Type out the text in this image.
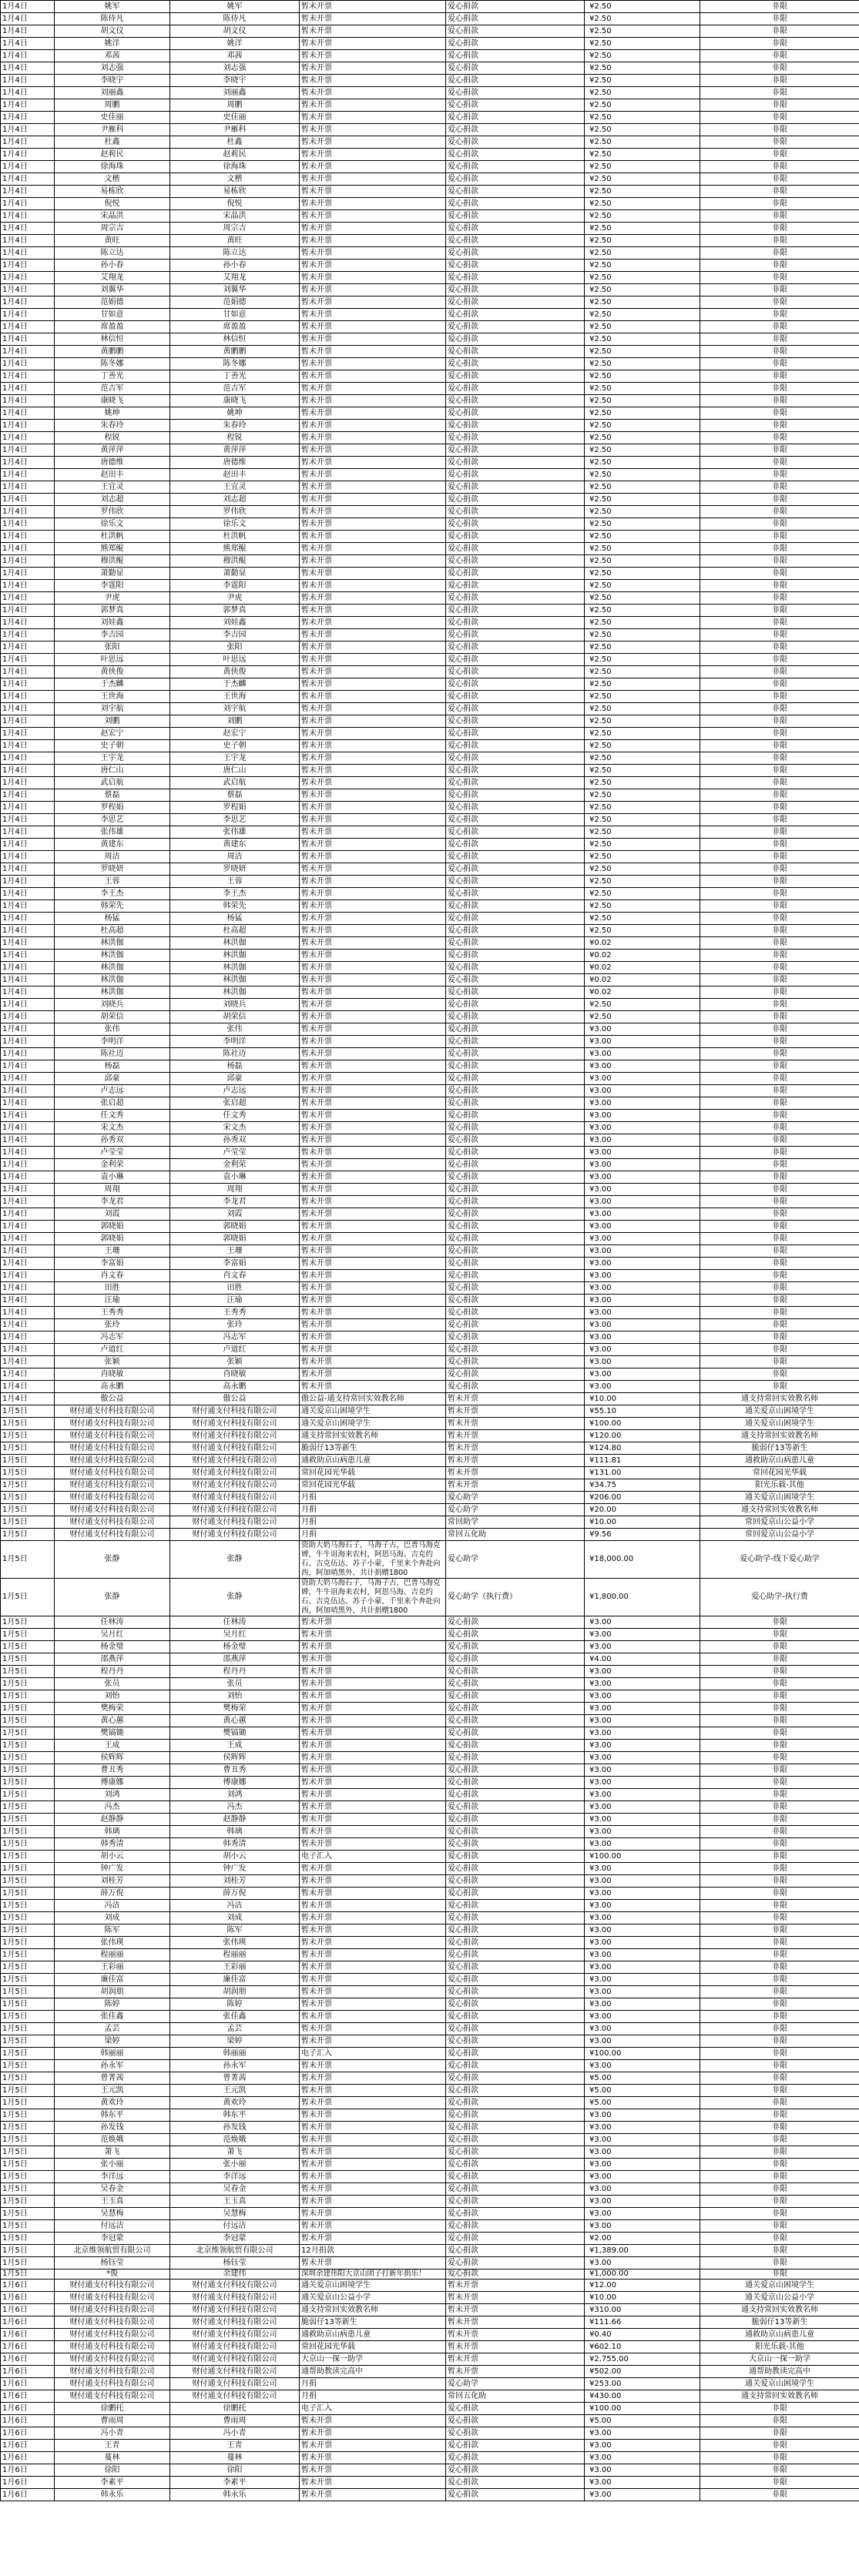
1月4日	姚军	姚军	暂未开票	爱心捐款	¥2.50	非限
1月4日	陈侍凡	陈侍凡	暂未开票	爱心捐款	¥2.50	非限
1月4日	胡文仪	胡文仪	暂未开票	爱心捐款	¥2.50	非限
1月4日	姚洋	姚洋	暂未开票	爱心捐款	¥2.50	非限
1月4日	邓茜	邓茜	暂未开票	爱心捐款	¥2.50	非限
1月4日	刘志强	刘志强	暂未开票	爱心捐款	¥2.50	非限
1月4日	李晓宇	李晓宇	暂未开票	爱心捐款	¥2.50	非限
1月4日	刘丽鑫	刘丽鑫	暂未开票	爱心捐款	¥2.50	非限
1月4日	周鹏	周鹏	暂未开票	爱心捐款	¥2.50	非限
1月4日	史佳丽	史佳丽	暂未开票	爱心捐款	¥2.50	非限
1月4日	尹雁科	尹雁科	暂未开票	爱心捐款	¥2.50	非限
1月4日	杜鑫	杜鑫	暂未开票	爱心捐款	¥2.50	非限
1月4日	赵莉民	赵莉民	暂未开票	爱心捐款	¥2.50	非限
1月4日	徐海珠	徐海珠	暂未开票	爱心捐款	¥2.50	非限
1月4日	文楷	文楷	暂未开票	爱心捐款	¥2.50	非限
1月4日	易栋欣	易栋欣	暂未开票	爱心捐款	¥2.50	非限
1月4日	倪悦	倪悦	暂未开票	爱心捐款	¥2.50	非限
1月4日	宋晶洪	宋晶洪	暂未开票	爱心捐款	¥2.50	非限
1月4日	周宗吉	周宗吉	暂未开票	爱心捐款	¥2.50	非限
1月4日	黄旺	黄旺	暂未开票	爱心捐款	¥2.50	非限
1月4日	陈立达	陈立达	暂未开票	爱心捐款	¥2.50	非限
1月4日	孙小春	孙小春	暂未开票	爱心捐款	¥2.50	非限
1月4日	艾翔龙	艾翔龙	暂未开票	爱心捐款	¥2.50	非限
1月4日	刘翼华	刘翼华	暂未开票	爱心捐款	¥2.50	非限
1月4日	范娟德	范娟德	暂未开票	爱心捐款	¥2.50	非限
1月4日	甘如意	甘如意	暂未开票	爱心捐款	¥2.50	非限
1月4日	席盈盈	席盈盈	暂未开票	爱心捐款	¥2.50	非限
1月4日	林信恒	林信恒	暂未开票	爱心捐款	¥2.50	非限
1月4日	黄鹏鹏	黄鹏鹏	暂未开票	爱心捐款	¥2.50	非限
1月4日	陈冬娜	陈冬娜	暂未开票	爱心捐款	¥2.50	非限
1月4日	丁善光	丁善光	暂未开票	爱心捐款	¥2.50	非限
1月4日	范吉军	范吉军	暂未开票	爱心捐款	¥2.50	非限
1月4日	康晓飞	康晓飞	暂未开票	爱心捐款	¥2.50	非限
1月4日	姚坤	姚坤	暂未开票	爱心捐款	¥2.50	非限
1月4日	朱春玲	朱春玲	暂未开票	爱心捐款	¥2.50	非限
1月4日	程锐	程锐	暂未开票	爱心捐款	¥2.50	非限
1月4日	黄萍萍	黄萍萍	暂未开票	爱心捐款	¥2.50	非限
1月4日	唐德维	唐德维	暂未开票	爱心捐款	¥2.50	非限
1月4日	赵田丰	赵田丰	暂未开票	爱心捐款	¥2.50	非限
1月4日	王宜灵	王宜灵	暂未开票	爱心捐款	¥2.50	非限
1月4日	刘志超	刘志超	暂未开票	爱心捐款	¥2.50	非限
1月4日	罗伟欣	罗伟欣	暂未开票	爱心捐款	¥2.50	非限
1月4日	徐乐文	徐乐文	暂未开票	爱心捐款	¥2.50	非限
1月4日	杜洪帆	杜洪帆	暂未开票	爱心捐款	¥2.50	非限
1月4日	熊郑鲲	熊郑鲲	暂未开票	爱心捐款	¥2.50	非限
1月4日	穆洪鲲	穆洪鲲	暂未开票	爱心捐款	¥2.50	非限
1月4日	萧勤显	萧勤显	暂未开票	爱心捐款	¥2.50	非限
1月4日	李霆阳	李霆阳	暂未开票	爱心捐款	¥2.50	非限
1月4日	尹虎	尹虎	暂未开票	爱心捐款	¥2.50	非限
1月4日	郭梦真	郭梦真	暂未开票	爱心捐款	¥2.50	非限
1月4日	刘娃鑫	刘娃鑫	暂未开票	爱心捐款	¥2.50	非限
1月4日	李吉园	李吉园	暂未开票	爱心捐款	¥2.50	非限
1月4日	张阳	张阳	暂未开票	爱心捐款	¥2.50	非限
1月4日	叶思远	叶思远	暂未开票	爱心捐款	¥2.50	非限
1月4日	黄侠俊	黄侠俊	暂未开票	爱心捐款	¥2.50	非限
1月4日	于杰麟	于杰麟	暂未开票	爱心捐款	¥2.50	非限
1月4日	王世海	王世海	暂未开票	爱心捐款	¥2.50	非限
1月4日	刘宇航	刘宇航	暂未开票	爱心捐款	¥2.50	非限
1月4日	刘鹏	刘鹏	暂未开票	爱心捐款	¥2.50	非限
1月4日	赵宏宁	赵宏宁	暂未开票	爱心捐款	¥2.50	非限
1月4日	史子朝	史子朝	暂未开票	爱心捐款	¥2.50	非限
1月4日	王宇龙	王宇龙	暂未开票	爱心捐款	¥2.50	非限
1月4日	唐仁山	唐仁山	暂未开票	爱心捐款	¥2.50	非限
1月4日	武启航	武启航	暂未开票	爱心捐款	¥2.50	非限
1月4日	蔡磊	蔡磊	暂未开票	爱心捐款	¥2.50	非限
1月4日	罗程娟	罗程娟	暂未开票	爱心捐款	¥2.50	非限
1月4日	李思艺	李思艺	暂未开票	爱心捐款	¥2.50	非限
1月4日	张伟雄	张伟雄	暂未开票	爱心捐款	¥2.50	非限
1月4日	黄建东	黄建东	暂未开票	爱心捐款	¥2.50	非限
1月4日	周洁	周洁	暂未开票	爱心捐款	¥2.50	非限
1月4日	罗晓妍	罗晓妍	暂未开票	爱心捐款	¥2.50	非限
1月4日	王蓉	王蓉	暂未开票	爱心捐款	¥2.50	非限
1月4日	李王杰	李王杰	暂未开票	爱心捐款	¥2.50	非限
1月4日	韩荣先	韩荣先	暂未开票	爱心捐款	¥2.50	非限
1月4日	杨猛	杨猛	暂未开票	爱心捐款	¥2.50	非限
1月4日	杜高超	杜高超	暂未开票	爱心捐款	¥2.50	非限
1月4日	林洪伽	林洪伽	暂未开票	爱心捐款	¥0.02	非限
1月4日	林洪伽	林洪伽	暂未开票	爱心捐款	¥0.02	非限
1月4日	林洪伽	林洪伽	暂未开票	爱心捐款	¥0.02	非限
1月4日	林洪伽	林洪伽	暂未开票	爱心捐款	¥0.02	非限
1月4日	林洪伽	林洪伽	暂未开票	爱心捐款	¥0.02	非限
1月4日	刘晓兵	刘晓兵	暂未开票	爱心捐款	¥2.50	非限
1月4日	胡荣信	胡荣信	暂未开票	爱心捐款	¥2.50	非限
1月4日	张伟	张伟	暂未开票	爱心捐款	¥3.00	非限
1月4日	李明洋	李明洋	暂未开票	爱心捐款	¥3.00	非限
1月4日	陈社迈	陈社迈	暂未开票	爱心捐款	¥3.00	非限
1月4日	杨磊	杨磊	暂未开票	爱心捐款	¥3.00	非限
1月4日	邱豪	邱豪	暂未开票	爱心捐款	¥3.00	非限
1月4日	卢志远	卢志远	暂未开票	爱心捐款	¥3.00	非限
1月4日	张启超	张启超	暂未开票	爱心捐款	¥3.00	非限
1月4日	任文秀	任文秀	暂未开票	爱心捐款	¥3.00	非限
1月4日	宋文杰	宋文杰	暂未开票	爱心捐款	¥3.00	非限
1月4日	孙秀双	孙秀双	暂未开票	爱心捐款	¥3.00	非限
1月4日	卢莹莹	卢莹莹	暂未开票	爱心捐款	¥3.00	非限
1月4日	金利荣	金利荣	暂未开票	爱心捐款	¥3.00	非限
1月4日	袁小琳	袁小琳	暂未开票	爱心捐款	¥3.00	非限
1月4日	周翔	周翔	暂未开票	爱心捐款	¥3.00	非限
1月4日	李龙君	李龙君	暂未开票	爱心捐款	¥3.00	非限
1月4日	刘霞	刘霞	暂未开票	爱心捐款	¥3.00	非限
1月4日	郭晓娟	郭晓娟	暂未开票	爱心捐款	¥3.00	非限
1月4日	郭晓娟	郭晓娟	暂未开票	爱心捐款	¥3.00	非限
1月4日	王珊	王珊	暂未开票	爱心捐款	¥3.00	非限
1月4日	李富娟	李富娟	暂未开票	爱心捐款	¥3.00	非限
1月4日	肖文春	肖文春	暂未开票	爱心捐款	¥3.00	非限
1月4日	田胜	田胜	暂未开票	爱心捐款	¥3.00	非限
1月4日	汪瑜	汪瑜	暂未开票	爱心捐款	¥3.00	非限
1月4日	王秀秀	王秀秀	暂未开票	爱心捐款	¥3.00	非限
1月4日	张玲	张玲	暂未开票	爱心捐款	¥3.00	非限
1月4日	冯志军	冯志军	暂未开票	爱心捐款	¥3.00	非限
1月4日	卢道红	卢道红	暂未开票	爱心捐款	¥3.00	非限
1月4日	张颖	张颖	暂未开票	爱心捐款	¥3.00	非限
1月4日	肖晓敏	肖晓敏	暂未开票	爱心捐款	¥3.00	非限
1月4日	高永鹏	高永鹏	暂未开票	爱心捐款	¥3.00	非限
1月4日	傲公益	傲公益	傲公益-通支持常回实效教名师	暂未开票	¥10.00	通支持常回实效教名师
1月5日	财付通支付科技有限公司	财付通支付科技有限公司	通关爱京山困境学生	暂未开票	¥55.10	通关爱京山困境学生
1月5日	财付通支付科技有限公司	财付通支付科技有限公司	通关爱京山困境学生	暂未开票	¥100.00	通关爱京山困境学生
1月5日	财付通支付科技有限公司	财付通支付科技有限公司	通支持常回实效教名师	暂未开票	¥120.00	通支持常回实效教名师
1月5日	财付通支付科技有限公司	财付通支付科技有限公司	脆弱仔13等新生	暂未开票	¥124.80	脆弱仔13等新生
1月5日	财付通支付科技有限公司	财付通支付科技有限公司	通救助京山病患儿童	暂未开票	¥111.81	通救助京山病患儿童
1月5日	财付通支付科技有限公司	财付通支付科技有限公司	常回花园光华载	暂未开票	¥131.00	常回花园光华载
1月5日	财付通支付科技有限公司	财付通支付科技有限公司	常回花园光华载	暂未开票	¥34.75	阳光乐载-其他
1月5日	财付通支付科技有限公司	财付通支付科技有限公司	月捐	爱心助学	¥206.00	通关爱京山困境学生
1月5日	财付通支付科技有限公司	财付通支付科技有限公司	月捐	爱心助学	¥20.00	通支持常回实效教名师
1月5日	财付通支付科技有限公司	财付通支付科技有限公司	月捐	常回助学	¥10.00	常回爱京山公益小学
1月5日	财付通支付科技有限公司	财付通支付科技有限公司	月捐	常回五化助	¥9.56	常回爱京山公益小学
1月5日	张静	张静	资助大奶马海石子，马海子古，巴普马海克婢，牛牛诅海来农村，阿思马海、吉克约石、吉克伍达、苏子小蒙，千里来个奔赴向西，阿加哨黑外、共计捐赠1800	爱心助学	¥18,000.00	爱心助学-线下爱心助学
1月5日	张静	张静	资助大奶马海石子，马海子古，巴普马海克婢，牛牛诅海来农村，阿思马海、吉克约石、吉克伍达、苏子小蒙，千里来个奔赴向西，阿加哨黑外、共计捐赠1800	爱心助学（执行费）	¥1,800.00	爱心助学-执行费
1月5日	任林涛	任林涛	暂未开票	爱心捐款	¥3.00	非限
1月5日	吴月红	吴月红	暂未开票	爱心捐款	¥3.00	非限
1月5日	杨金璧	杨金璧	暂未开票	爱心捐款	¥3.00	非限
1月5日	邵燕萍	邵燕萍	暂未开票	爱心捐款	¥4.00	非限
1月5日	程丹丹	程丹丹	暂未开票	爱心捐款	¥3.00	非限
1月5日	张员	张员	暂未开票	爱心捐款	¥3.00	非限
1月5日	刘怡	刘怡	暂未开票	爱心捐款	¥3.00	非限
1月5日	樊梅荣	樊梅荣	暂未开票	爱心捐款	¥3.00	非限
1月5日	黄心蕙	黄心蕙	暂未开票	爱心捐款	¥3.00	非限
1月5日	樊镐锄	樊镐锄	暂未开票	爱心捐款	¥3.00	非限
1月5日	王成	王成	暂未开票	爱心捐款	¥3.00	非限
1月5日	侯辉辉	侯辉辉	暂未开票	爱心捐款	¥3.00	非限
1月5日	曹丑秀	曹丑秀	暂未开票	爱心捐款	¥3.00	非限
1月5日	傅康娜	傅康娜	暂未开票	爱心捐款	¥3.00	非限
1月5日	刘鸿	刘鸿	暂未开票	爱心捐款	¥3.00	非限
1月5日	冯杰	冯杰	暂未开票	爱心捐款	¥3.00	非限
1月5日	赵静静	赵静静	暂未开票	爱心捐款	¥3.00	非限
1月5日	韩璃	韩璃	暂未开票	爱心捐款	¥3.00	非限
1月5日	韩秀清	韩秀清	暂未开票	爱心捐款	¥3.00	非限
1月5日	胡小云	胡小云	电子汇入	爱心捐款	¥100.00	非限
1月5日	钟广发	钟广发	暂未开票	爱心捐款	¥3.00	非限
1月5日	刘桂芳	刘桂芳	暂未开票	爱心捐款	¥3.00	非限
1月5日	薛万倪	薛万倪	暂未开票	爱心捐款	¥3.00	非限
1月5日	冯洁	冯洁	暂未开票	爱心捐款	¥3.00	非限
1月5日	刘成	刘成	暂未开票	爱心捐款	¥3.00	非限
1月5日	陈军	陈军	暂未开票	爱心捐款	¥3.00	非限
1月5日	张伟瑛	张伟瑛	暂未开票	爱心捐款	¥3.00	非限
1月5日	程丽丽	程丽丽	暂未开票	爱心捐款	¥3.00	非限
1月5日	王彩丽	王彩丽	暂未开票	爱心捐款	¥3.00	非限
1月5日	廉佳富	廉佳富	暂未开票	爱心捐款	¥3.00	非限
1月5日	胡润朋	胡润朋	暂未开票	爱心捐款	¥3.00	非限
1月5日	陈婷	陈婷	暂未开票	爱心捐款	¥3.00	非限
1月5日	张佳鑫	张佳鑫	暂未开票	爱心捐款	¥3.00	非限
1月5日	孟芸	孟芸	暂未开票	爱心捐款	¥3.00	非限
1月5日	梁婷	梁婷	暂未开票	爱心捐款	¥3.00	非限
1月5日	韩丽丽	韩丽丽	电子汇入	爱心捐款	¥100.00	非限
1月5日	孙永军	孙永军	暂未开票	爱心捐款	¥3.00	非限
1月5日	曾菁茜	曾菁茜	暂未开票	爱心捐款	¥5.00	非限
1月5日	王元凯	王元凯	暂未开票	爱心捐款	¥5.00	非限
1月5日	黄欢玲	黄欢玲	暂未开票	爱心捐款	¥5.00	非限
1月5日	韩东平	韩东平	暂未开票	爱心捐款	¥3.00	非限
1月5日	孙发钱	孙发钱	暂未开票	爱心捐款	¥3.00	非限
1月5日	范焕娥	范焕娥	暂未开票	爱心捐款	¥3.00	非限
1月5日	萧飞	萧飞	暂未开票	爱心捐款	¥3.00	非限
1月5日	张小丽	张小丽	暂未开票	爱心捐款	¥3.00	非限
1月5日	李洋远	李洋远	暂未开票	爱心捐款	¥3.00	非限
1月5日	吴春金	吴春金	暂未开票	爱心捐款	¥3.00	非限
1月5日	王玉真	王玉真	暂未开票	爱心捐款	¥3.00	非限
1月5日	吴慧梅	吴慧梅	暂未开票	爱心捐款	¥3.00	非限
1月5日	付远洁	付远洁	暂未开票	爱心捐款	¥3.00	非限
1月5日	李冠蒙	李冠蒙	暂未开票	爱心捐款	¥2.00	非限
1月5日	北京维领航贸有限公司	北京维领航贸有限公司	12月捐款	爱心捐款	¥1,389.00	非限
1月5日	杨钰莹	杨钰莹	暂未开票	爱心捐款	¥3.00	非限
1月5日	*俊	余建伟	深圳余建伟阳大京山团子打新年捐乐！	爱心捐款	¥1,000.00	非限
1月6日	财付通支付科技有限公司	财付通支付科技有限公司	通关爱京山困境学生	暂未开票	¥12.00	通关爱京山困境学生
1月6日	财付通支付科技有限公司	财付通支付科技有限公司	通关爱京山公益小学	暂未开票	¥10.00	通关爱京山公益小学
1月6日	财付通支付科技有限公司	财付通支付科技有限公司	通支持常回实效教名师	暂未开票	¥310.00	通支持常回实效教名师
1月6日	财付通支付科技有限公司	财付通支付科技有限公司	脆弱仔13等新生	暂未开票	¥111.66	脆弱仔13等新生
1月6日	财付通支付科技有限公司	财付通支付科技有限公司	通救助京山病患儿童	暂未开票	¥0.40	通救助京山病患儿童
1月6日	财付通支付科技有限公司	财付通支付科技有限公司	常回花园光华载	暂未开票	¥602.10	阳光乐载-其他
1月6日	财付通支付科技有限公司	财付通支付科技有限公司	大京山一探一助学	暂未开票	¥2,755.00	大京山一探一助学
1月6日	财付通支付科技有限公司	财付通支付科技有限公司	通帮助教读完高中	暂未开票	¥502.00	通帮助教读完高中
1月6日	财付通支付科技有限公司	财付通支付科技有限公司	月捐	爱心助学	¥253.00	通关爱京山困境学生
1月6日	财付通支付科技有限公司	财付通支付科技有限公司	月捐	常回五化助	¥430.00	通支持常回实效教名师
1月6日	徐鹏托	徐鹏托	电子汇入	爱心捐款	¥100.00	非限
1月6日	曹雨周	曹雨周	暂未开票	爱心捐款	¥5.00	非限
1月6日	冯小青	冯小青	暂未开票	爱心捐款	¥3.00	非限
1月6日	王青	王青	暂未开票	爱心捐款	¥3.00	非限
1月6日	蔓林	蔓林	暂未开票	爱心捐款	¥3.00	非限
1月6日	徐阳	徐阳	暂未开票	爱心捐款	¥3.00	非限
1月6日	李素平	李素平	暂未开票	爱心捐款	¥3.00	非限
1月6日	韩永乐	韩永乐	暂未开票	爱心捐款	¥3.00	非限
